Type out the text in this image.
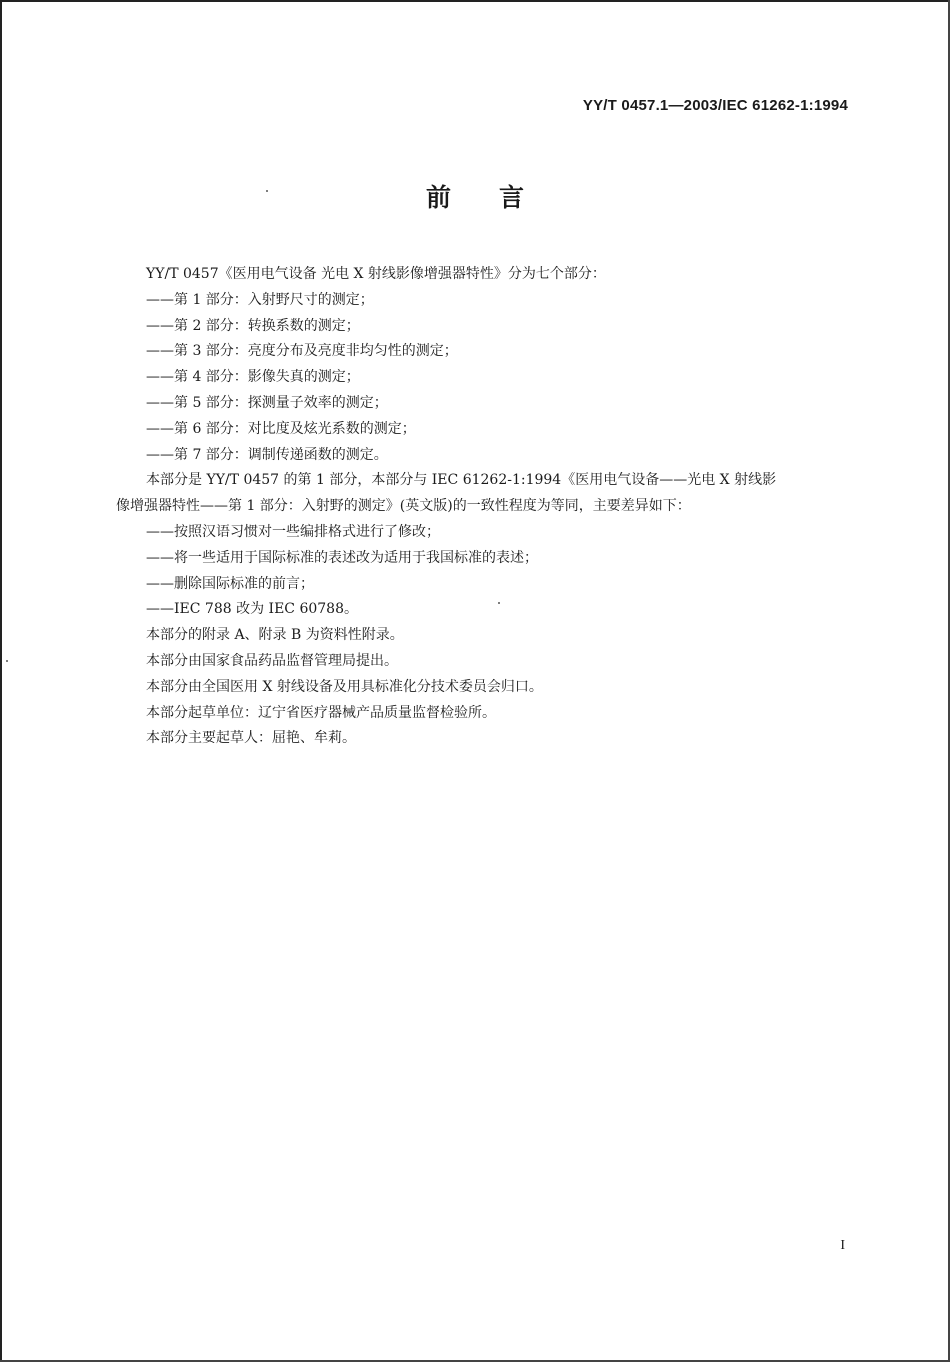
YY/T 0457.1—2003/IEC 61262-1:1994
前言
YY/T 0457《医用电气设备 光电 X 射线影像增强器特性》分为七个部分：
——第 1 部分：入射野尺寸的测定；
——第 2 部分：转换系数的测定；
——第 3 部分：亮度分布及亮度非均匀性的测定；
——第 4 部分：影像失真的测定；
——第 5 部分：探测量子效率的测定；
——第 6 部分：对比度及炫光系数的测定；
——第 7 部分：调制传递函数的测定。
本部分是 YY/T 0457 的第 1 部分，本部分与 IEC 61262-1:1994《医用电气设备——光电 X 射线影
像增强器特性——第 1 部分：入射野的测定》(英文版)的一致性程度为等同，主要差异如下：
——按照汉语习惯对一些编排格式进行了修改；
——将一些适用于国际标准的表述改为适用于我国标准的表述；
——删除国际标准的前言；
——IEC 788 改为 IEC 60788。
本部分的附录 A、附录 B 为资料性附录。
本部分由国家食品药品监督管理局提出。
本部分由全国医用 X 射线设备及用具标准化分技术委员会归口。
本部分起草单位：辽宁省医疗器械产品质量监督检验所。
本部分主要起草人：屈艳、牟莉。
I
